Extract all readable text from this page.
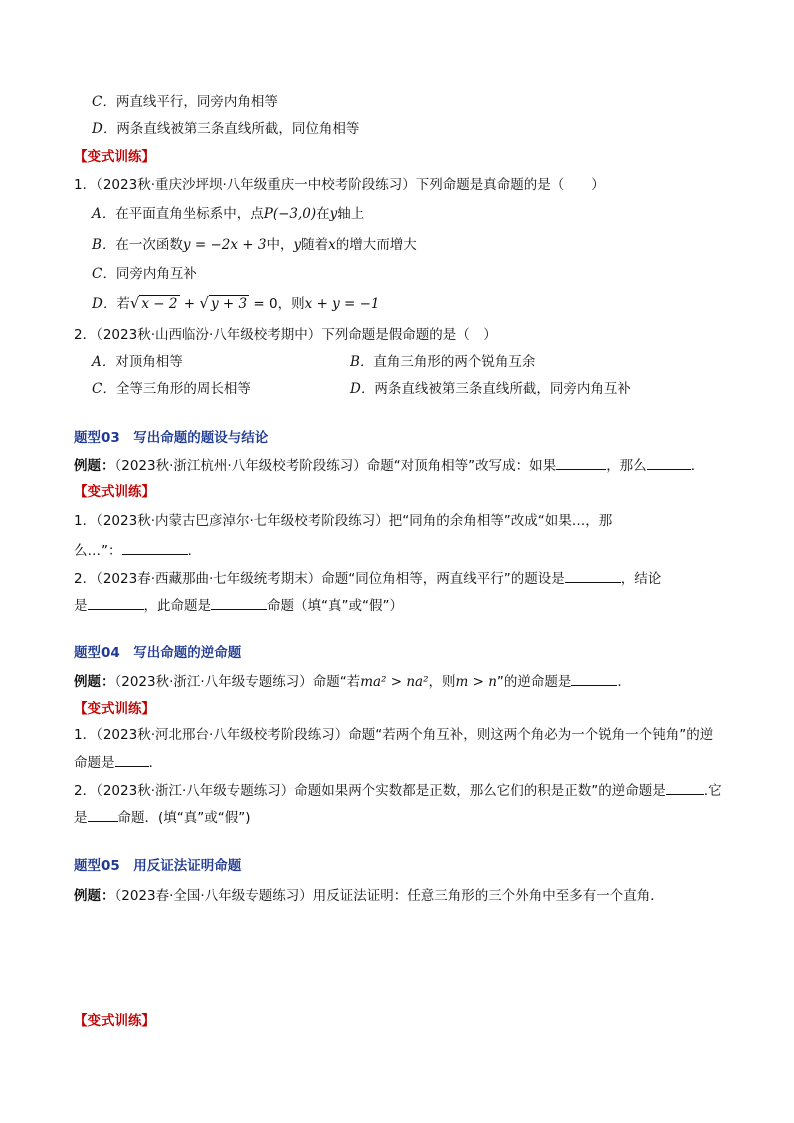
C．两直线平行，同旁内角相等
D．两条直线被第三条直线所截，同位角相等
【变式训练】
1．（2023秋·重庆沙坪坝·八年级重庆一中校考阶段练习）下列命题是真命题的是（　　）
A．在平面直角坐标系中，点P(−3,0)在y轴上
B．在一次函数y = −2x + 3中，y随着x的增大而增大
C．同旁内角互补
D．若√ x − 2 + √ y + 3 = 0，则x + y = −1
2．（2023秋·山西临汾·八年级校考期中）下列命题是假命题的是（　）
A．对顶角相等	B．直角三角形的两个锐角互余
C．全等三角形的周长相等	D．两条直线被第三条直线所截，同旁内角互补
题型03　写出命题的题设与结论
例题：（2023秋·浙江杭州·八年级校考阶段练习）命题“对顶角相等”改写成：如果	，那么	.
【变式训练】
1．（2023秋·内蒙古巴彦淖尔·七年级校考阶段练习）把“同角的余角相等”改成“如果…，那
么…”：	.
2．（2023春·西藏那曲·七年级统考期末）命题“同位角相等，两直线平行”的题设是	，结论
是	，此命题是	命题（填“真”或“假”）
题型04　写出命题的逆命题
例题：（2023秋·浙江·八年级专题练习）命题“若ma² > na²，则m > n”的逆命题是	.
【变式训练】
1．（2023秋·河北邢台·八年级校考阶段练习）命题“若两个角互补，则这两个角必为一个锐角一个钝角”的逆
命题是	.
2．（2023秋·浙江·八年级专题练习）命题如果两个实数都是正数，那么它们的积是正数”的逆命题是	.它
是 命题．(填“真”或“假”)
题型05　用反证法证明命题
例题：（2023春·全国·八年级专题练习）用反证法证明：任意三角形的三个外角中至多有一个直角．
【变式训练】
